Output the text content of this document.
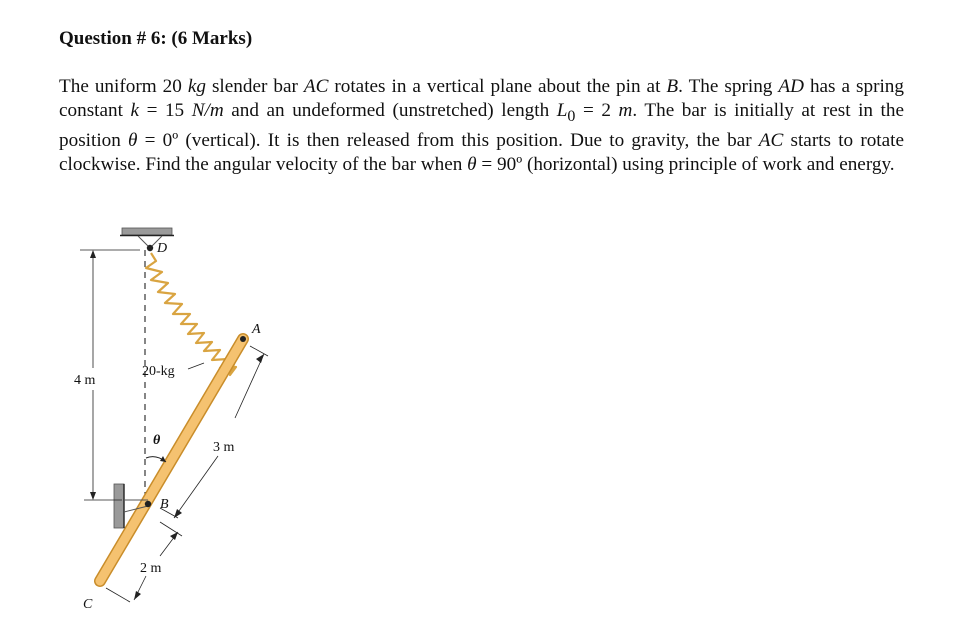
Question # 6: (6 Marks)

The uniform 20 kg slender bar AC rotates in a vertical plane about the pin at B. The spring AD has a spring constant k = 15 N/m and an undeformed (unstretched) length $L_0 = 2$ m. The bar is initially at rest in the position θ = 0º (vertical). It is then released from this position. Due to gravity, the bar AC starts to rotate clockwise. Find the angular velocity of the bar when θ = 90º (horizontal) using principle of work and energy.

4 m
3 m
2 m
20-kg
θ
D
A
B
C
